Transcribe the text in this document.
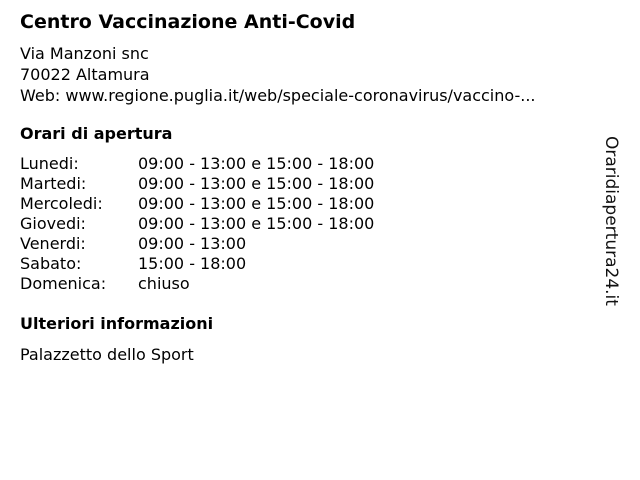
Centro Vaccinazione Anti-Covid
Via Manzoni snc
70022 Altamura
Web: www.regione.puglia.it/web/speciale-coronavirus/vaccino-...
Orari di apertura
Lunedi:	09:00 - 13:00 e 15:00 - 18:00
Martedi:	09:00 - 13:00 e 15:00 - 18:00
Mercoledi:	09:00 - 13:00 e 15:00 - 18:00
Giovedi:	09:00 - 13:00 e 15:00 - 18:00
Venerdi:	09:00 - 13:00
Sabato:	15:00 - 18:00
Domenica:	chiuso
Ulteriori informazioni
Palazzetto dello Sport
Oraridiapertura24.it
